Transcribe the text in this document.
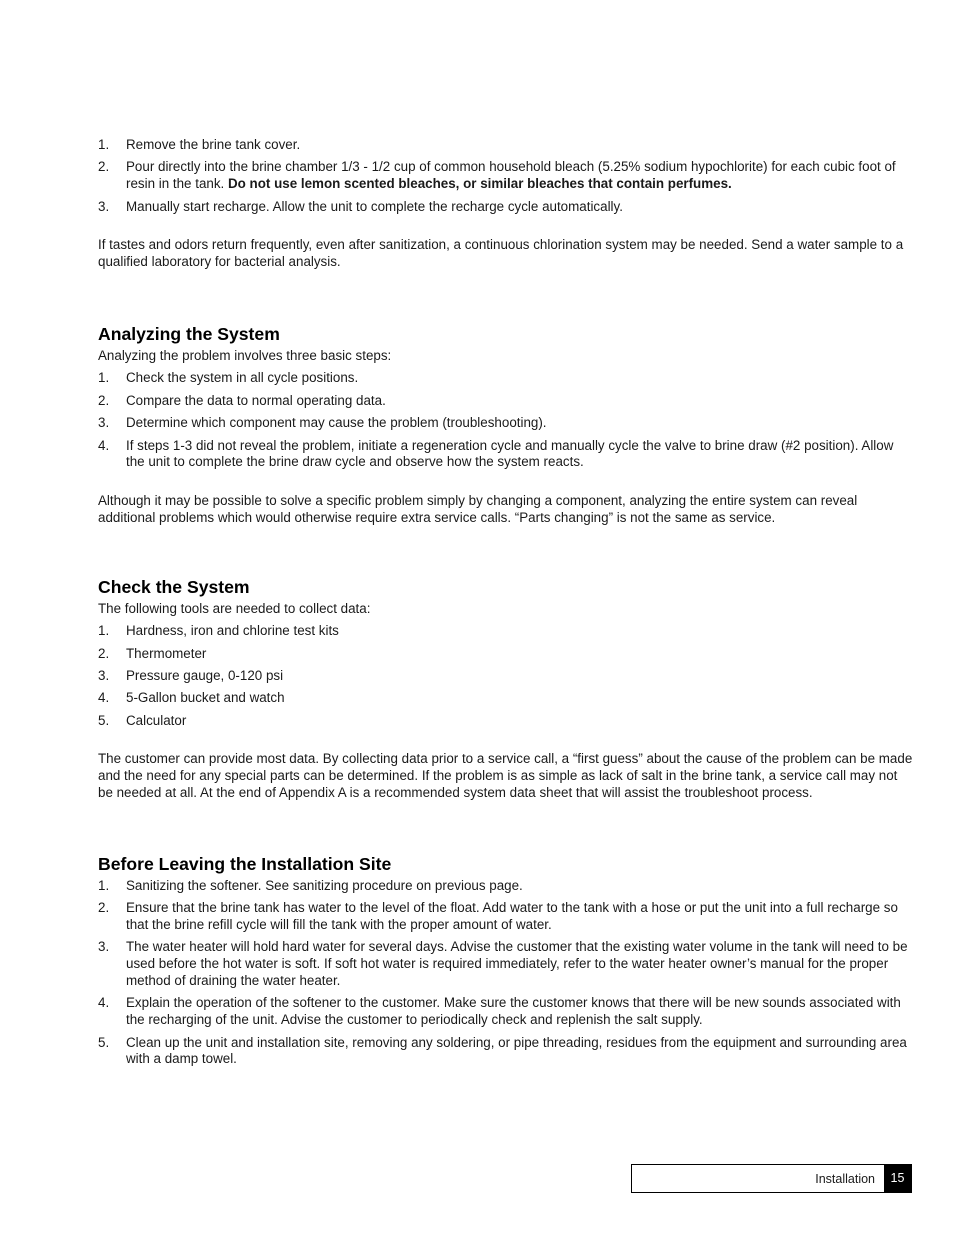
1. Remove the brine tank cover.
2. Pour directly into the brine chamber 1/3 - 1/2 cup of common household bleach (5.25% sodium hypochlorite) for each cubic foot of resin in the tank. Do not use lemon scented bleaches, or similar bleaches that contain perfumes.
3. Manually start recharge. Allow the unit to complete the recharge cycle automatically.

If tastes and odors return frequently, even after sanitization, a continuous chlorination system may be needed. Send a water sample to a qualified laboratory for bacterial analysis.

Analyzing the System

Analyzing the problem involves three basic steps:

1. Check the system in all cycle positions.
2. Compare the data to normal operating data.
3. Determine which component may cause the problem (troubleshooting).
4. If steps 1-3 did not reveal the problem, initiate a regeneration cycle and manually cycle the valve to brine draw (#2 position). Allow the unit to complete the brine draw cycle and observe how the system reacts.

Although it may be possible to solve a specific problem simply by changing a component, analyzing the entire system can reveal additional problems which would otherwise require extra service calls. “Parts changing” is not the same as service.

Check the System

The following tools are needed to collect data:

1. Hardness, iron and chlorine test kits
2. Thermometer
3. Pressure gauge, 0-120 psi
4. 5-Gallon bucket and watch
5. Calculator

The customer can provide most data. By collecting data prior to a service call, a “first guess” about the cause of the problem can be made and the need for any special parts can be determined. If the problem is as simple as lack of salt in the brine tank, a service call may not be needed at all. At the end of Appendix A is a recommended system data sheet that will assist the troubleshoot process.

Before Leaving the Installation Site
1. Sanitizing the softener. See sanitizing procedure on previous page.
2. Ensure that the brine tank has water to the level of the float. Add water to the tank with a hose or put the unit into a full recharge so that the brine refill cycle will fill the tank with the proper amount of water.
3. The water heater will hold hard water for several days. Advise the customer that the existing water volume in the tank will need to be used before the hot water is soft. If soft hot water is required immediately, refer to the water heater owner’s manual for the proper method of draining the water heater.
4. Explain the operation of the softener to the customer. Make sure the customer knows that there will be new sounds associated with the recharging of the unit. Advise the customer to periodically check and replenish the salt supply.
5. Clean up the unit and installation site, removing any soldering, or pipe threading, residues from the equipment and surrounding area with a damp towel.
Installation	15
